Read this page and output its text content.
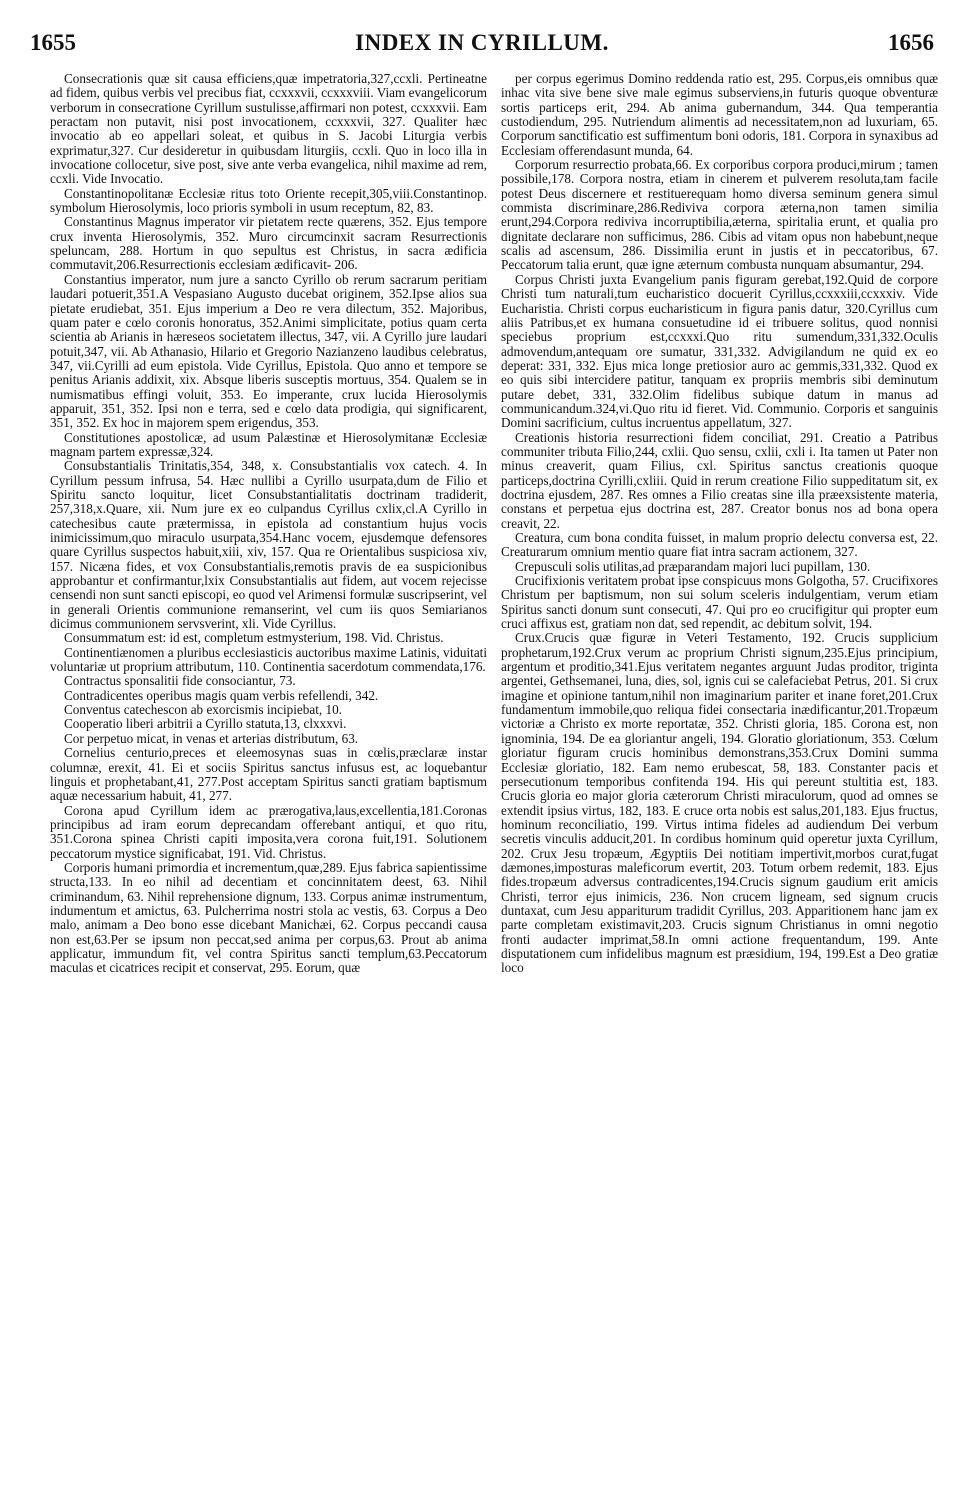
1655	INDEX IN CYRILLUM.	1656

Consecrationis quæ sit causa efficiens,quæ impetratoria,327,ccxli. Pertineatne ad fidem, quibus verbis vel precibus fiat, ccxxxvii, ccxxxviii. Viam evangelicorum verborum in consecratione Cyrillum sustulisse,affirmari non potest, ccxxxvii. Eam peractam non putavit, nisi post invocationem, ccxxxvii, 327. Qualiter hæc invocatio ab eo appellari soleat, et quibus in S. Jacobi Liturgia verbis exprimatur,327. Cur desideretur in quibusdam liturgiis, ccxli. Quo in loco illa in invocatione collocetur, sive post, sive ante verba evangelica, nihil maxime ad rem, ccxli. Vide Invocatio.

Constantinopolitanæ Ecclesiæ ritus toto Oriente recepit,305,viii.Constantinop. symbolum Hierosolymis, loco prioris symboli in usum receptum, 82, 83.

Constantinus Magnus imperator vir pietatem recte quærens, 352. Ejus tempore crux inventa Hierosolymis, 352. Muro circumcinxit sacram Resurrectionis speluncam, 288. Hortum in quo sepultus est Christus, in sacra ædificia commutavit,206.Resurrectionis ecclesiam ædificavit- 206.

Constantius imperator, num jure a sancto Cyrillo ob rerum sacrarum peritiam laudari potuerit,351.A Vespasiano Augusto ducebat originem, 352.Ipse alios sua pietate erudiebat, 351. Ejus imperium a Deo re vera dilectum, 352. Majoribus, quam pater e cœlo coronis honoratus, 352.Animi simplicitate, potius quam certa scientia ab Arianis in hæreseos societatem illectus, 347, vii. A Cyrillo jure laudari potuit,347, vii. Ab Athanasio, Hilario et Gregorio Nazianzeno laudibus celebratus, 347, vii.Cyrilli ad eum epistola. Vide Cyrillus, Epistola. Quo anno et tempore se penitus Arianis addixit, xix. Absque liberis susceptis mortuus, 354. Qualem se in numismatibus effingi voluit, 353. Eo imperante, crux lucida Hierosolymis apparuit, 351, 352. Ipsi non e terra, sed e cœlo data prodigia, qui significarent, 351, 352. Ex hoc in majorem spem erigendus, 353.

Constitutiones apostolicæ, ad usum Palæstinæ et Hierosolymitanæ Ecclesiæ magnam partem expressæ,324.

Consubstantialis Trinitatis,354, 348, x. Consubstantialis vox catech. 4. In Cyrillum pessum infrusa, 54. Hæc nullibi a Cyrillo usurpata,dum de Filio et Spiritu sancto loquitur, licet Consubstantialitatis doctrinam tradiderit, 257,318,x.Quare, xii. Num jure ex eo culpandus Cyrillus cxlix,cl.A Cyrillo in catechesibus caute prætermissa, in epistola ad constantium hujus vocis inimicissimum,quo miraculo usurpata,354.Hanc vocem, ejusdemque defensores quare Cyrillus suspectos habuit,xiii, xiv, 157. Qua re Orientalibus suspiciosa xiv, 157. Nicæna fides, et vox Consubstantialis,remotis pravis de ea suspicionibus approbantur et confirmantur,lxix Consubstantialis aut fidem, aut vocem rejecisse censendi non sunt sancti episcopi, eo quod vel Arimensi formulæ suscripserint, vel in generali Orientis communione remanserint, vel cum iis quos Semiarianos dicimus communionem servsverint, xli. Vide Cyrillus.

Consummatum est: id est, completum estmysterium, 198. Vid. Christus.

Continentiænomen a pluribus ecclesiasticis auctoribus maxime Latinis, viduitati voluntariæ ut proprium attributum, 110. Continentia sacerdotum commendata,176.

Contractus sponsalitii fide consociantur, 73.

Contradicentes operibus magis quam verbis refellendi, 342.

Conventus catechescon ab exorcismis incipiebat, 10.

Cooperatio liberi arbitrii a Cyrillo statuta,13, clxxxvi.

Cor perpetuo micat, in venas et arterias distributum, 63.

Cornelius centurio,preces et eleemosynas suas in cœlis,præclaræ instar columnæ, erexit, 41. Ei et sociis Spiritus sanctus infusus est, ac loquebantur linguis et prophetabant,41, 277.Post acceptam Spiritus sancti gratiam baptismum aquæ necessarium habuit, 41, 277.

Corona apud Cyrillum idem ac prærogativa,laus,excellentia,181.Coronas principibus ad iram eorum deprecandam offerebant antiqui, et quo ritu, 351.Corona spinea Christi capiti imposita,vera corona fuit,191. Solutionem peccatorum mystice significabat, 191. Vid. Christus.

Corporis humani primordia et incrementum,quæ,289. Ejus fabrica sapientissime structa,133. In eo nihil ad decentiam et concinnitatem deest, 63. Nihil criminandum, 63. Nihil reprehensione dignum, 133. Corpus animæ instrumentum, indumentum et amictus, 63. Pulcherrima nostri stola ac vestis, 63. Corpus a Deo malo, animam a Deo bono esse dicebant Manichæi, 62. Corpus peccandi causa non est,63.Per se ipsum non peccat,sed anima per corpus,63. Prout ab anima applicatur, immundum fit, vel contra Spiritus sancti templum,63.Peccatorum maculas et cicatrices recipit et conservat, 295. Eorum, quæ

per corpus egerimus Domino reddenda ratio est, 295. Corpus,eis omnibus quæ inhac vita sive bene sive male egimus subserviens,in futuris quoque obventuræ sortis particeps erit, 294. Ab anima gubernandum, 344. Qua temperantia custodiendum, 295. Nutriendum alimentis ad necessitatem,non ad luxuriam, 65. Corporum sanctificatio est suffimentum boni odoris, 181. Corpora in synaxibus ad Ecclesiam offerendasunt munda, 64.

Corporum resurrectio probata,66. Ex corporibus corpora produci,mirum ; tamen possibile,178. Corpora nostra, etiam in cinerem et pulverem resoluta,tam facile potest Deus discernere et restituerequam homo diversa seminum genera simul commista discriminare,286.Rediviva corpora æterna,non tamen similia erunt,294.Corpora rediviva incorruptibilia,æterna, spiritalia erunt, et qualia pro dignitate declarare non sufficimus, 286. Cibis ad vitam opus non habebunt,neque scalis ad ascensum, 286. Dissimilia erunt in justis et in peccatoribus, 67. Peccatorum talia erunt, quæ igne æternum combusta nunquam absumantur, 294.

Corpus Christi juxta Evangelium panis figuram gerebat,192.Quid de corpore Christi tum naturali,tum eucharistico docuerit Cyrillus,ccxxxiii,ccxxxiv. Vide Eucharistia. Christi corpus eucharisticum in figura panis datur, 320.Cyrillus cum aliis Patribus,et ex humana consuetudine id ei tribuere solitus, quod nonnisi speciebus proprium est,ccxxxi.Quo ritu sumendum,331,332.Oculis admovendum,antequam ore sumatur, 331,332. Advigilandum ne quid ex eo deperat: 331, 332. Ejus mica longe pretiosior auro ac gemmis,331,332. Quod ex eo quis sibi intercidere patitur, tanquam ex propriis membris sibi deminutum putare debet, 331, 332.Olim fidelibus subique datum in manus ad communicandum.324,vi.Quo ritu id fieret. Vid. Communio. Corporis et sanguinis Domini sacrificium, cultus incruentus appellatum, 327.

Creationis historia resurrectioni fidem conciliat, 291. Creatio a Patribus communiter tributa Filio,244, cxlii. Quo sensu, cxlii, cxli i. Ita tamen ut Pater non minus creaverit, quam Filius, cxl. Spiritus sanctus creationis quoque particeps,doctrina Cyrilli,cxliii. Quid in rerum creatione Filio suppeditatum sit, ex doctrina ejusdem, 287. Res omnes a Filio creatas sine illa præexsistente materia, constans et perpetua ejus doctrina est, 287. Creator bonus nos ad bona opera creavit, 22.

Creatura, cum bona condita fuisset, in malum proprio delectu conversa est, 22. Creaturarum omnium mentio quare fiat intra sacram actionem, 327.

Crepusculi solis utilitas,ad præparandam majori luci pupillam, 130.

Crucifixionis veritatem probat ipse conspicuus mons Golgotha, 57. Crucifixores Christum per baptismum, non sui solum sceleris indulgentiam, verum etiam Spiritus sancti donum sunt consecuti, 47. Qui pro eo crucifigitur qui propter eum cruci affixus est, gratiam non dat, sed rependit, ac debitum solvit, 194.

Crux.Crucis quæ figuræ in Veteri Testamento, 192. Crucis supplicium prophetarum,192.Crux verum ac proprium Christi signum,235.Ejus principium, argentum et proditio,341.Ejus veritatem negantes arguunt Judas proditor, triginta argentei, Gethsemanei, luna, dies, sol, ignis cui se calefaciebat Petrus, 201. Si crux imagine et opinione tantum,nihil non imaginarium pariter et inane foret,201.Crux fundamentum immobile,quo reliqua fidei consectaria inædificantur,201.Tropæum victoriæ a Christo ex morte reportatæ, 352. Christi gloria, 185. Corona est, non ignominia, 194. De ea gloriantur angeli, 194. Gloratio gloriationum, 353. Cœlum gloriatur figuram crucis hominibus demonstrans,353.Crux Domini summa Ecclesiæ gloriatio, 182. Eam nemo erubescat, 58, 183. Constanter pacis et persecutionum temporibus confitenda 194. His qui pereunt stultitia est, 183. Crucis gloria eo major gloria cæterorum Christi miraculorum, quod ad omnes se extendit ipsius virtus, 182, 183. E cruce orta nobis est salus,201,183. Ejus fructus, hominum reconciliatio, 199. Virtus intima fideles ad audiendum Dei verbum secretis vinculis adducit,201. In cordibus hominum quid operetur juxta Cyrillum, 202. Crux Jesu tropæum, Ægyptiis Dei notitiam impertivit,morbos curat,fugat dæmones,imposturas maleficorum evertit, 203. Totum orbem redemit, 183. Ejus fides.tropæum adversus contradicentes,194.Crucis signum gaudium erit amicis Christi, terror ejus inimicis, 236. Non crucem ligneam, sed signum crucis duntaxat, cum Jesu appariturum tradidit Cyrillus, 203. Apparitionem hanc jam ex parte completam existimavit,203. Crucis signum Christianus in omni negotio fronti audacter imprimat,58.In omni actione frequentandum, 199. Ante disputationem cum infidelibus magnum est præsidium, 194, 199.Est a Deo gratiæ loco
